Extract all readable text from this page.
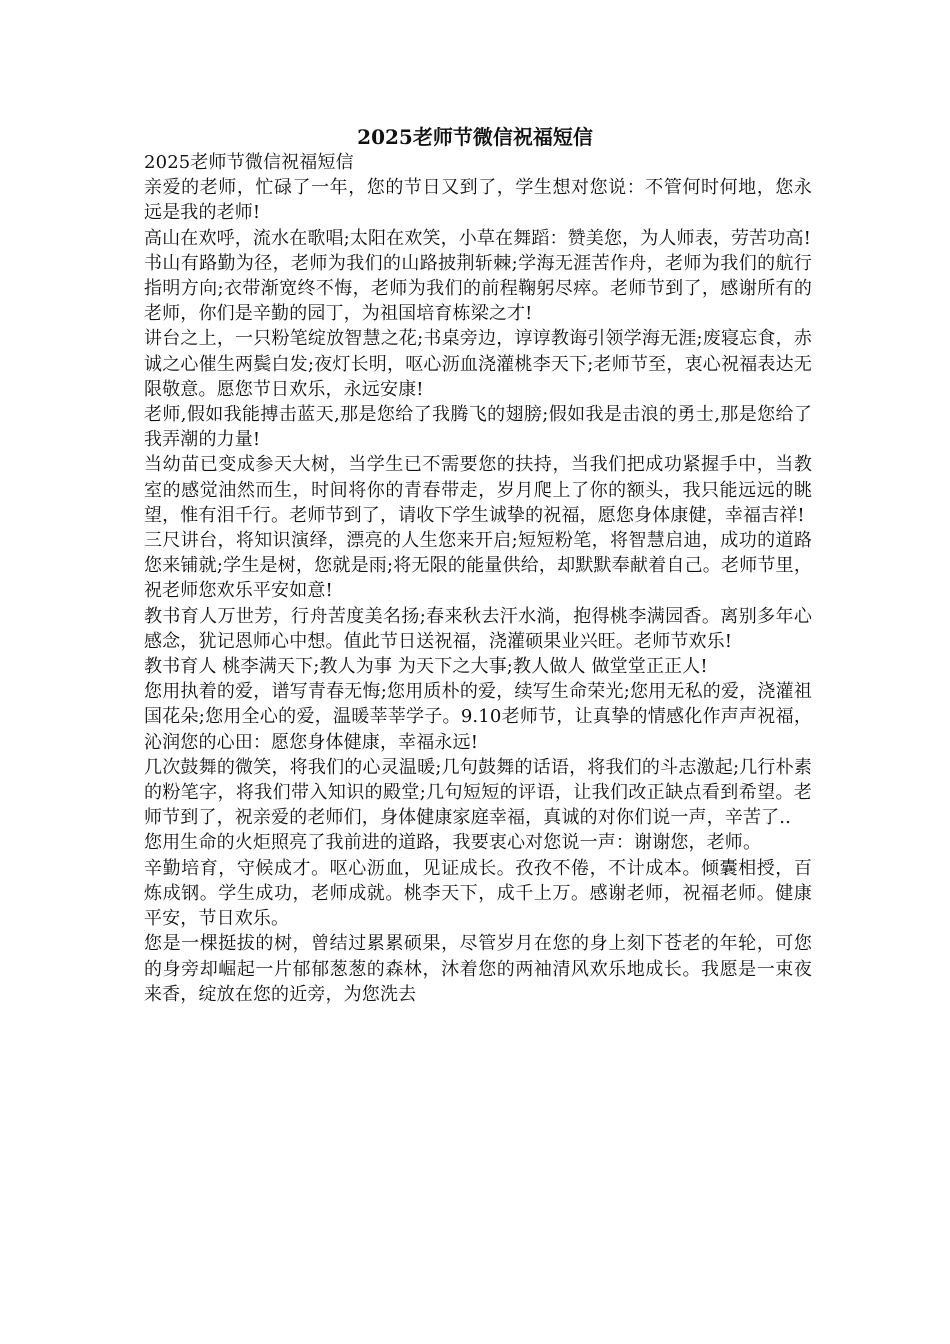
2025老师节微信祝福短信

2025老师节微信祝福短信

亲爱的老师，忙碌了一年，您的节日又到了，学生想对您说：不管何时何地，您永远是我的老师!

高山在欢呼，流水在歌唱;太阳在欢笑，小草在舞蹈：赞美您，为人师表，劳苦功高!

书山有路勤为径，老师为我们的山路披荆斩棘;学海无涯苦作舟，老师为我们的航行指明方向;衣带渐宽终不悔，老师为我们的前程鞠躬尽瘁。老师节到了，感谢所有的老师，你们是辛勤的园丁，为祖国培育栋梁之才!

讲台之上，一只粉笔绽放智慧之花;书桌旁边，谆谆教诲引领学海无涯;废寝忘食，赤诚之心催生两鬓白发;夜灯长明，呕心沥血浇灌桃李天下;老师节至，衷心祝福表达无限敬意。愿您节日欢乐，永远安康!

老师,假如我能搏击蓝天,那是您给了我腾飞的翅膀;假如我是击浪的勇士,那是您给了我弄潮的力量!

当幼苗已变成参天大树，当学生已不需要您的扶持，当我们把成功紧握手中，当教室的感觉油然而生，时间将你的青春带走，岁月爬上了你的额头，我只能远远的眺望，惟有泪千行。老师节到了，请收下学生诚挚的祝福，愿您身体康健，幸福吉祥!

三尺讲台，将知识演绎，漂亮的人生您来开启;短短粉笔，将智慧启迪，成功的道路您来铺就;学生是树，您就是雨;将无限的能量供给，却默默奉献着自己。老师节里，祝老师您欢乐平安如意!

教书育人万世芳，行舟苦度美名扬;春来秋去汗水淌，抱得桃李满园香。离别多年心感念，犹记恩师心中想。值此节日送祝福，浇灌硕果业兴旺。老师节欢乐!

教书育人 桃李满天下;教人为事 为天下之大事;教人做人 做堂堂正正人!

您用执着的爱，谱写青春无悔;您用质朴的爱，续写生命荣光;您用无私的爱，浇灌祖国花朵;您用全心的爱，温暖莘莘学子。9.10老师节，让真挚的情感化作声声祝福，沁润您的心田：愿您身体健康，幸福永远!

几次鼓舞的微笑，将我们的心灵温暖;几句鼓舞的话语，将我们的斗志激起;几行朴素的粉笔字，将我们带入知识的殿堂;几句短短的评语，让我们改正缺点看到希望。老师节到了，祝亲爱的老师们，身体健康家庭幸福，真诚的对你们说一声，辛苦了..

您用生命的火炬照亮了我前进的道路，我要衷心对您说一声：谢谢您，老师。

辛勤培育，守候成才。呕心沥血，见证成长。孜孜不倦，不计成本。倾囊相授，百炼成钢。学生成功，老师成就。桃李天下，成千上万。感谢老师，祝福老师。健康平安，节日欢乐。

您是一棵挺拔的树，曾结过累累硕果，尽管岁月在您的身上刻下苍老的年轮，可您的身旁却崛起一片郁郁葱葱的森林，沐着您的两袖清风欢乐地成长。我愿是一束夜来香，绽放在您的近旁，为您洗去
